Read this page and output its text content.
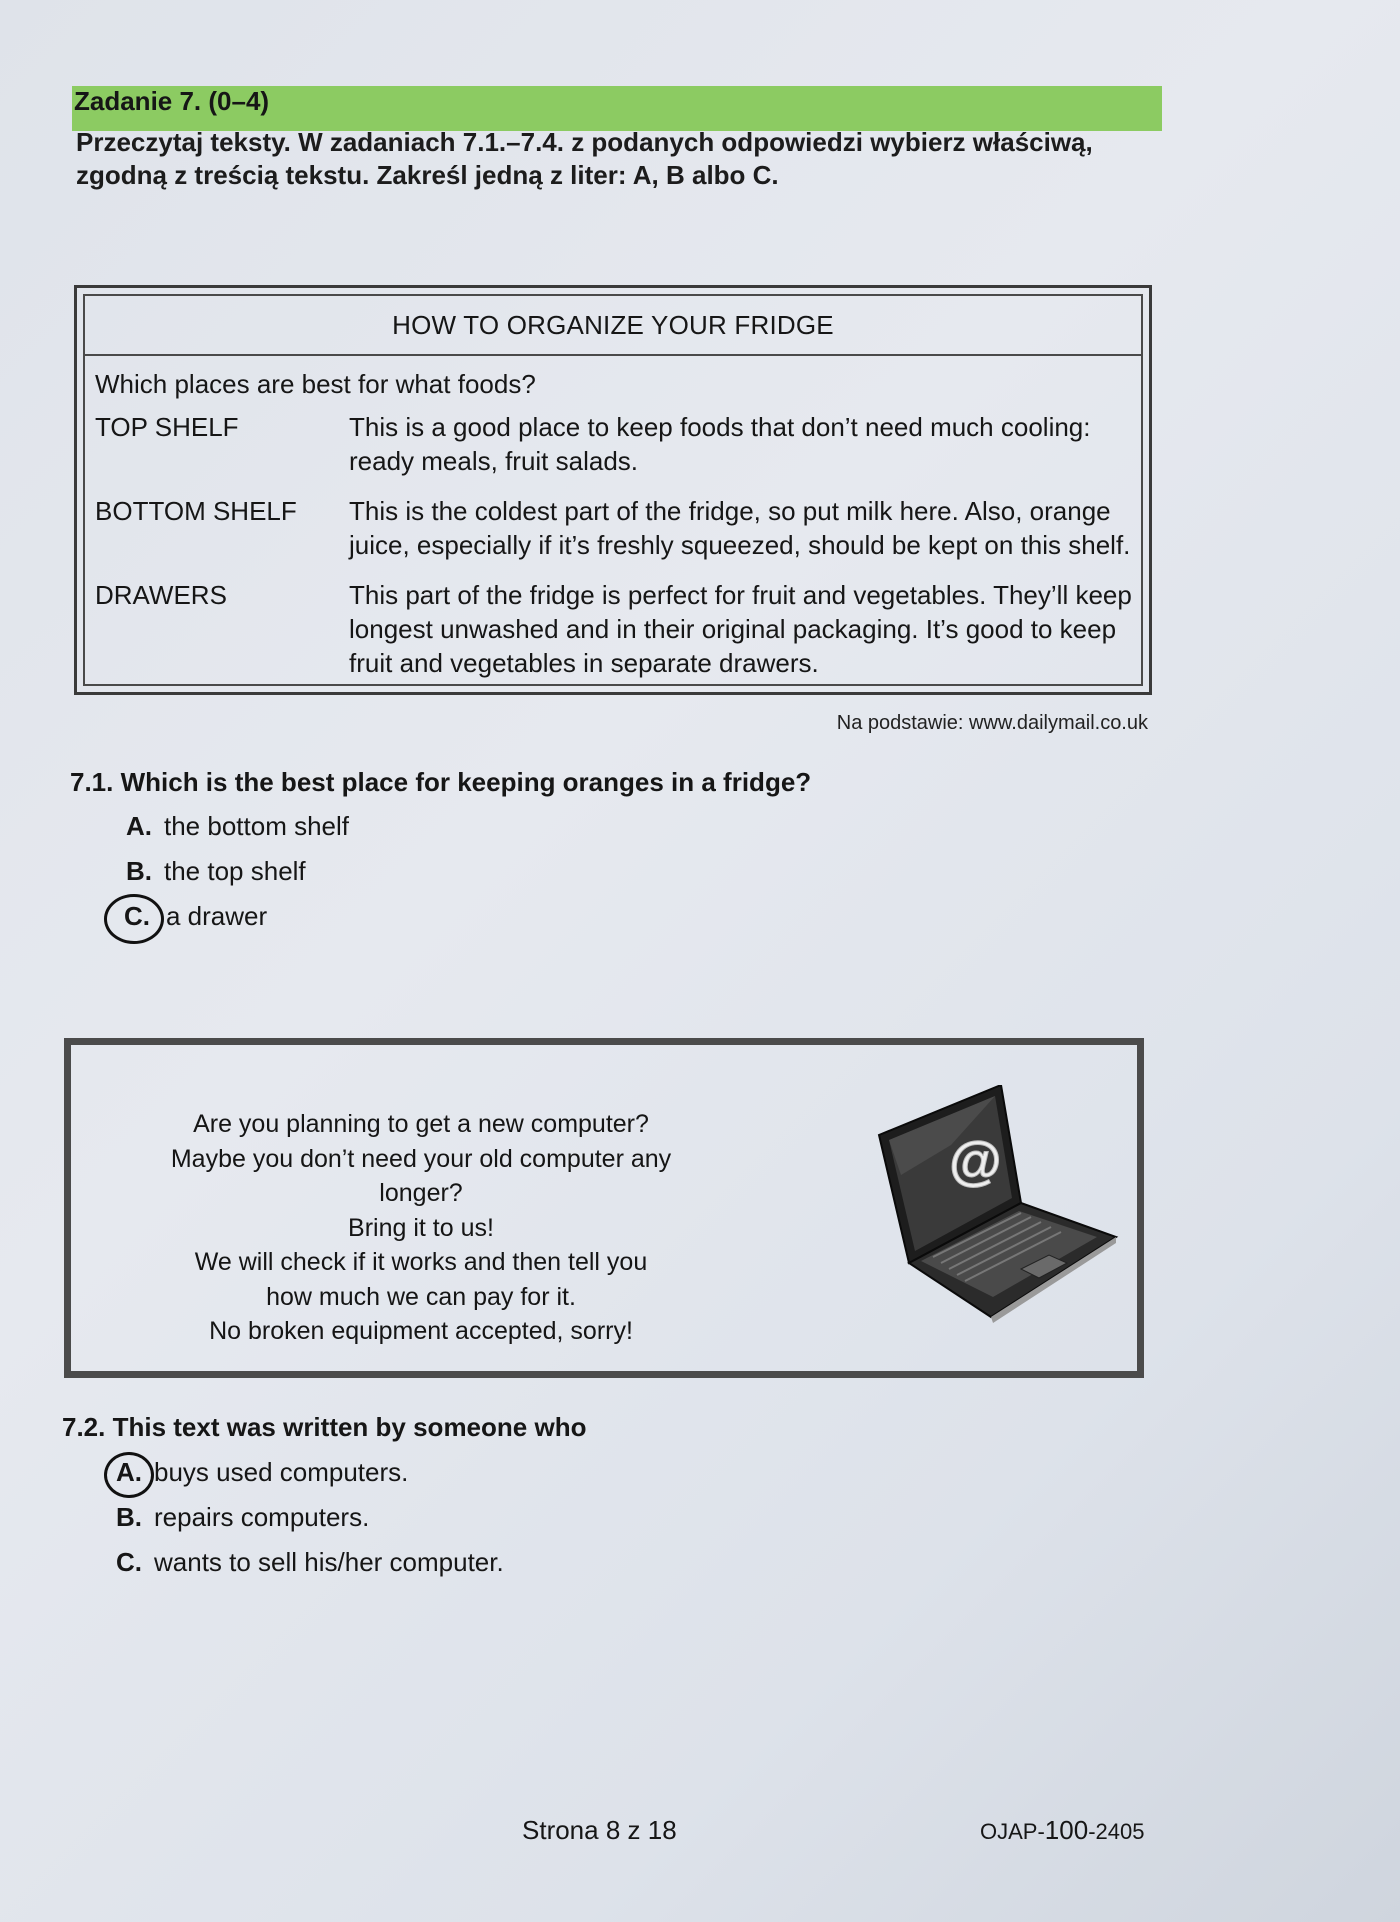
Zadanie 7. (0–4)
Przeczytaj teksty. W zadaniach 7.1.–7.4. z podanych odpowiedzi wybierz właściwą, zgodną z treścią tekstu. Zakreśl jedną z liter: A, B albo C.
HOW TO ORGANIZE YOUR FRIDGE
Which places are best for what foods?
TOP SHELF	This is a good place to keep foods that don’t need much cooling: ready meals, fruit salads.
BOTTOM SHELF	This is the coldest part of the fridge, so put milk here. Also, orange juice, especially if it’s freshly squeezed, should be kept on this shelf.
DRAWERS	This part of the fridge is perfect for fruit and vegetables. They’ll keep longest unwashed and in their original packaging. It’s good to keep fruit and vegetables in separate drawers.
Na podstawie: www.dailymail.co.uk
7.1. Which is the best place for keeping oranges in a fridge?
A. the bottom shelf
B. the top shelf
C. a drawer
Are you planning to get a new computer?
Maybe you don’t need your old computer any longer?
Bring it to us!
We will check if it works and then tell you
how much we can pay for it.
No broken equipment accepted, sorry!
@
7.2. This text was written by someone who
A. buys used computers.
B. repairs computers.
C. wants to sell his/her computer.
Strona 8 z 18	OJAP-100-2405
